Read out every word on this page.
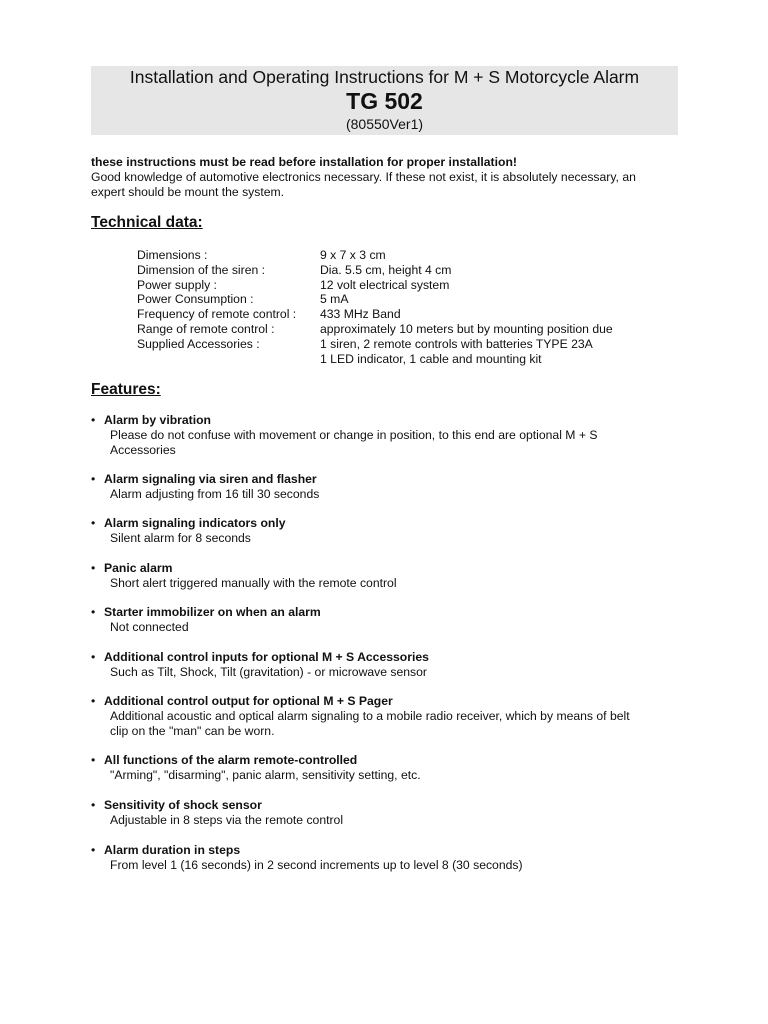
Installation and Operating Instructions for M + S Motorcycle Alarm
TG 502
(80550Ver1)
these instructions must be read before installation for proper installation!
Good knowledge of automotive electronics necessary. If these not exist, it is absolutely necessary, an
expert should be mount the system.
Technical data:
Dimensions :	9 x 7 x 3 cm
Dimension of the siren :	Dia. 5.5 cm, height 4 cm
Power supply :	12 volt electrical system
Power Consumption :	5 mA
Frequency of remote control :	433 MHz Band
Range of remote control :	approximately 10 meters but by mounting position due
Supplied Accessories :	1 siren, 2 remote controls with batteries TYPE 23A
1 LED indicator, 1 cable and mounting kit
Features:
• Alarm by vibration
Please do not confuse with movement or change in position, to this end are optional M + S
Accessories
• Alarm signaling via siren and flasher
Alarm adjusting from 16 till 30 seconds
• Alarm signaling indicators only
Silent alarm for 8 seconds
• Panic alarm
Short alert triggered manually with the remote control
• Starter immobilizer on when an alarm
Not connected
• Additional control inputs for optional M + S Accessories
Such as Tilt, Shock, Tilt (gravitation) - or microwave sensor
• Additional control output for optional M + S Pager
Additional acoustic and optical alarm signaling to a mobile radio receiver, which by means of belt
clip on the "man" can be worn.
• All functions of the alarm remote-controlled
"Arming", "disarming", panic alarm, sensitivity setting, etc.
• Sensitivity of shock sensor
Adjustable in 8 steps via the remote control
• Alarm duration in steps
From level 1 (16 seconds) in 2 second increments up to level 8 (30 seconds)
